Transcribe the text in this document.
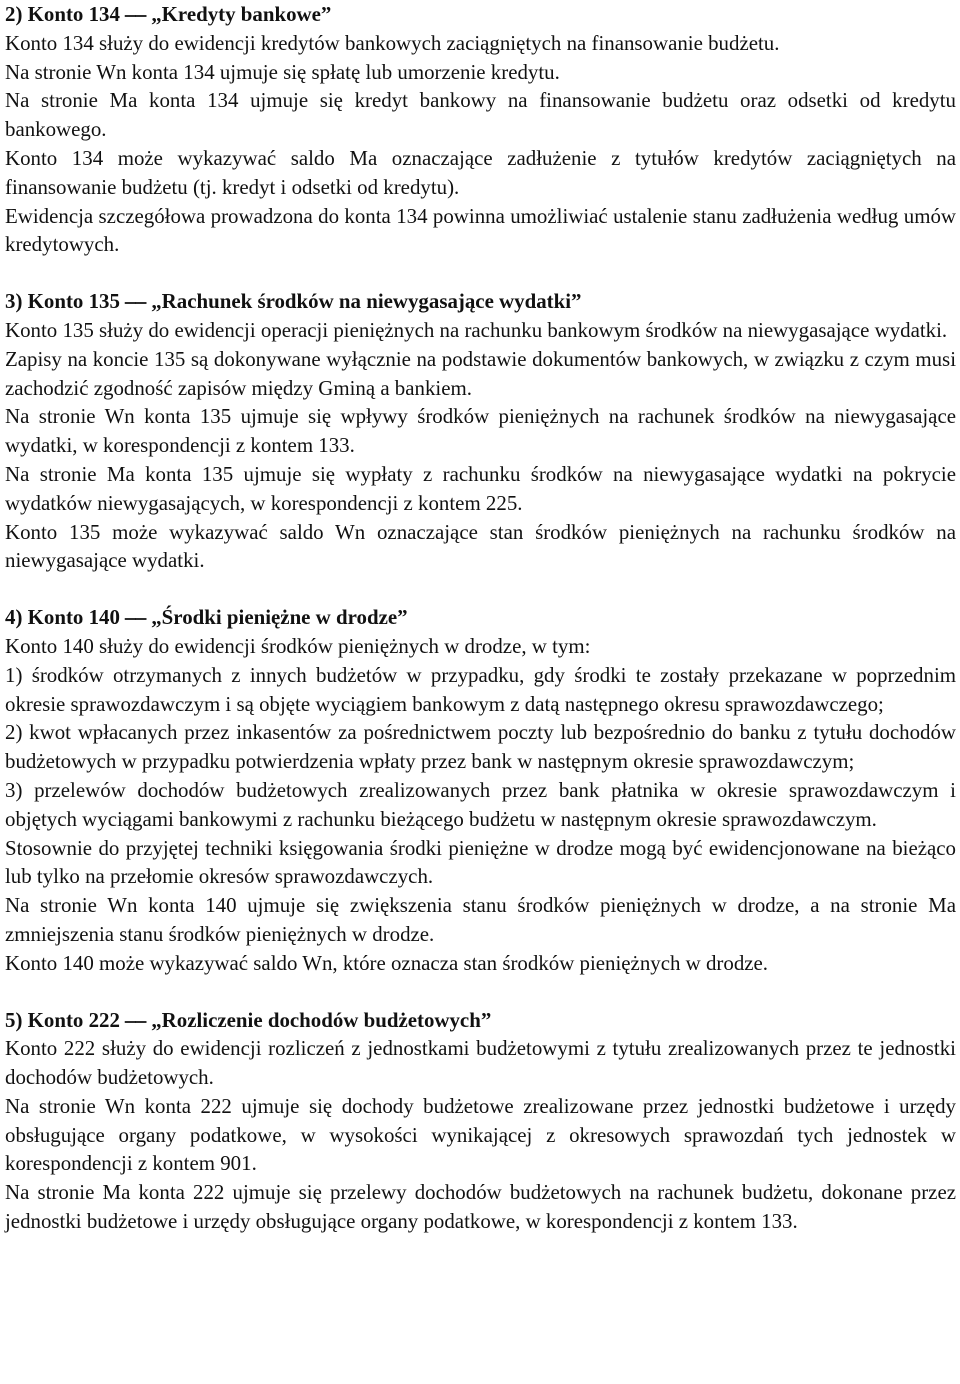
2) Konto 134 ⎯⎯ „Kredyty bankowe”

Konto 134 służy do ewidencji kredytów bankowych zaciągniętych na finansowanie budżetu.

Na stronie Wn konta 134 ujmuje się spłatę lub umorzenie kredytu.

Na stronie Ma konta 134 ujmuje się kredyt bankowy na finansowanie budżetu oraz odsetki od kredytu bankowego.

Konto 134 może wykazywać saldo Ma oznaczające zadłużenie z tytułów kredytów zaciągniętych na finansowanie budżetu (tj. kredyt i odsetki od kredytu).

Ewidencja szczegółowa prowadzona do konta 134 powinna umożliwiać ustalenie stanu zadłużenia według umów kredytowych.

3) Konto 135 ⎯⎯ „Rachunek środków na niewygasające wydatki”

Konto 135 służy do ewidencji operacji pieniężnych na rachunku bankowym środków na niewygasające wydatki.

Zapisy na koncie 135 są dokonywane wyłącznie na podstawie dokumentów bankowych, w związku z czym musi zachodzić zgodność zapisów między Gminą a bankiem.

Na stronie Wn konta 135 ujmuje się wpływy środków pieniężnych na rachunek środków na niewygasające wydatki, w korespondencji z kontem 133.

Na stronie Ma konta 135 ujmuje się wypłaty z rachunku środków na niewygasające wydatki na pokrycie wydatków niewygasających, w korespondencji z kontem 225.

Konto 135 może wykazywać saldo Wn oznaczające stan środków pieniężnych na rachunku środków na niewygasające wydatki.

4) Konto 140 ⎯⎯ „Środki pieniężne w drodze”

Konto 140 służy do ewidencji środków pieniężnych w drodze, w tym:

1) środków otrzymanych z innych budżetów w przypadku, gdy środki te zostały przekazane w poprzednim okresie sprawozdawczym i są objęte wyciągiem bankowym z datą następnego okresu sprawozdawczego;

2) kwot wpłacanych przez inkasentów za pośrednictwem poczty lub bezpośrednio do banku z tytułu dochodów budżetowych w przypadku potwierdzenia wpłaty przez bank w następnym okresie sprawozdawczym;

3) przelewów dochodów budżetowych zrealizowanych przez bank płatnika w okresie sprawozdawczym i objętych wyciągami bankowymi z rachunku bieżącego budżetu w następnym okresie sprawozdawczym.

Stosownie do przyjętej techniki księgowania środki pieniężne w drodze mogą być ewidencjonowane na bieżąco lub tylko na przełomie okresów sprawozdawczych.

Na stronie Wn konta 140 ujmuje się zwiększenia stanu środków pieniężnych w drodze, a na stronie Ma zmniejszenia stanu środków pieniężnych w drodze.

Konto 140 może wykazywać saldo Wn, które oznacza stan środków pieniężnych w drodze.

5) Konto 222 ⎯⎯ „Rozliczenie dochodów budżetowych”

Konto 222 służy do ewidencji rozliczeń z jednostkami budżetowymi z tytułu zrealizowanych przez te jednostki dochodów budżetowych.

Na stronie Wn konta 222 ujmuje się dochody budżetowe zrealizowane przez jednostki budżetowe i urzędy obsługujące organy podatkowe, w wysokości wynikającej z okresowych sprawozdań tych jednostek w korespondencji z kontem 901.

Na stronie Ma konta 222 ujmuje się przelewy dochodów budżetowych na rachunek budżetu, dokonane przez jednostki budżetowe i urzędy obsługujące organy podatkowe, w korespondencji z kontem 133.
